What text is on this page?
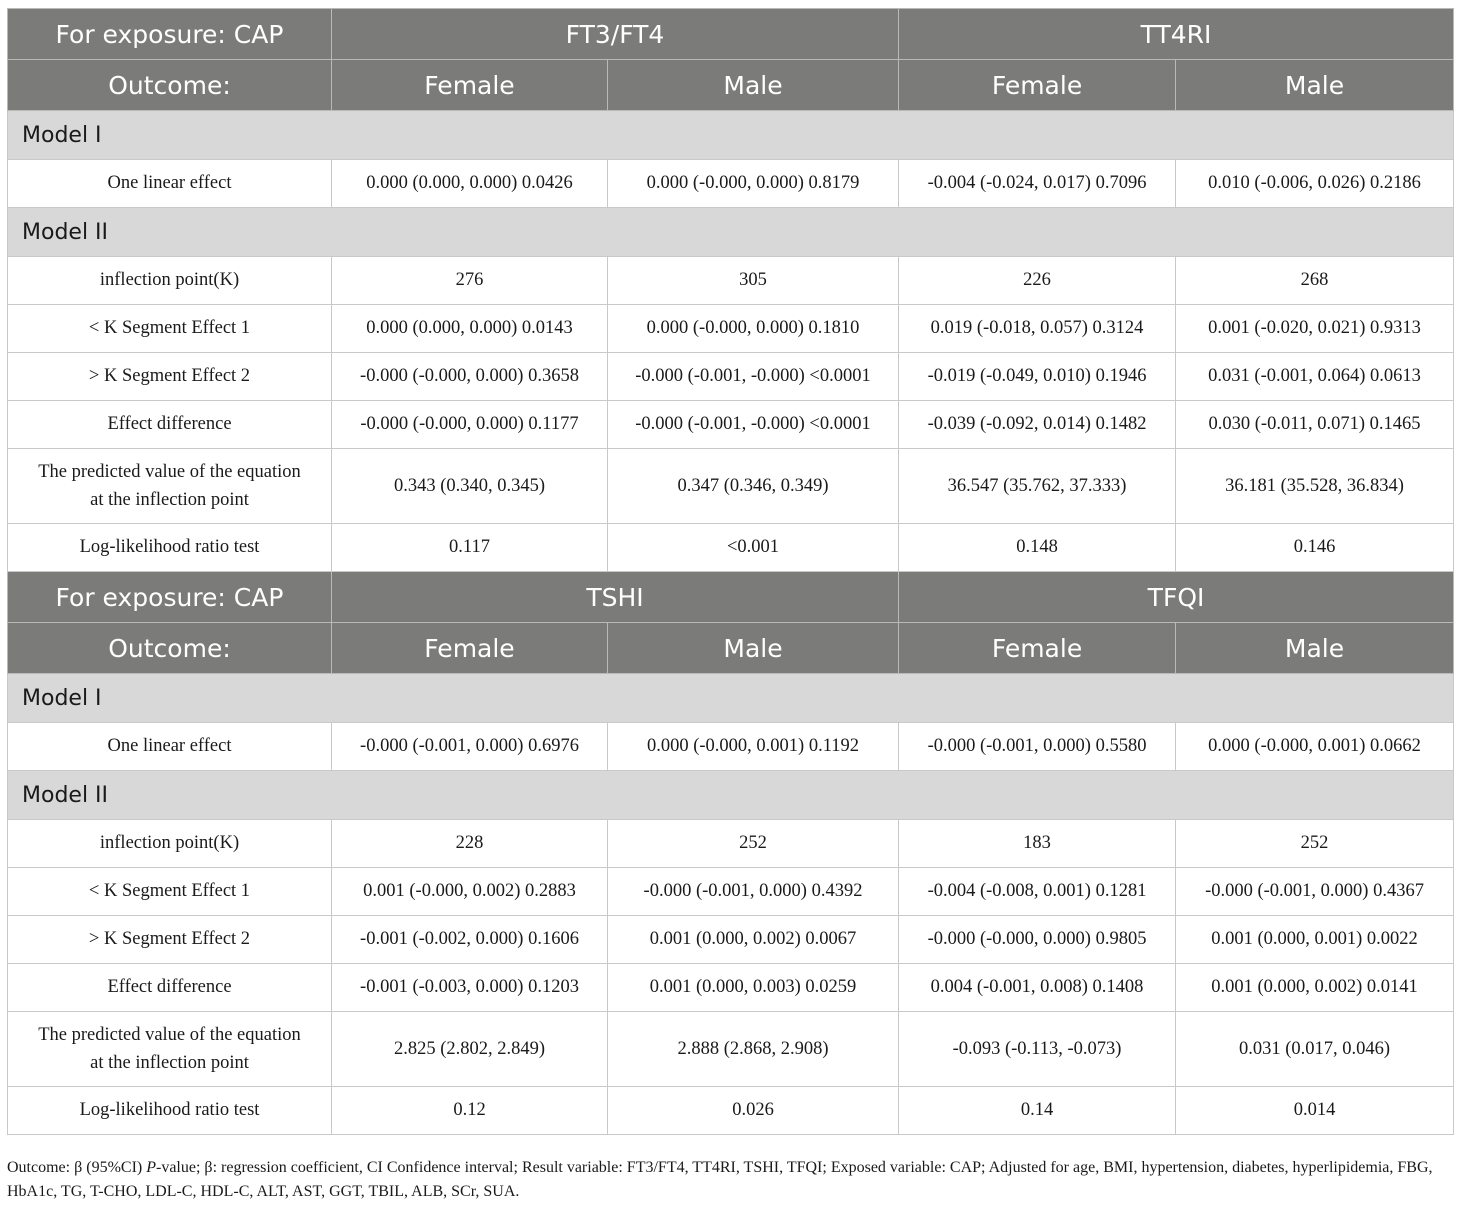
For exposure: CAP	FT3/FT4		TT4RI	
Outcome:	Female	Male	Female	Male
Model I				
One linear effect	0.000 (0.000, 0.000) 0.0426	0.000 (-0.000, 0.000) 0.8179	-0.004 (-0.024, 0.017) 0.7096	0.010 (-0.006, 0.026) 0.2186
Model II				
inflection point(K)	276	305	226	268
< K Segment Effect 1	0.000 (0.000, 0.000) 0.0143	0.000 (-0.000, 0.000) 0.1810	0.019 (-0.018, 0.057) 0.3124	0.001 (-0.020, 0.021) 0.9313
> K Segment Effect 2	-0.000 (-0.000, 0.000) 0.3658	-0.000 (-0.001, -0.000) <0.0001	-0.019 (-0.049, 0.010) 0.1946	0.031 (-0.001, 0.064) 0.0613
Effect difference	-0.000 (-0.000, 0.000) 0.1177	-0.000 (-0.001, -0.000) <0.0001	-0.039 (-0.092, 0.014) 0.1482	0.030 (-0.011, 0.071) 0.1465
The predicted value of the equation
at the inflection point	0.343 (0.340, 0.345)	0.347 (0.346, 0.349)	36.547 (35.762, 37.333)	36.181 (35.528, 36.834)
Log-likelihood ratio test	0.117	<0.001	0.148	0.146
For exposure: CAP	TSHI		TFQI	
Outcome:	Female	Male	Female	Male
Model I				
One linear effect	-0.000 (-0.001, 0.000) 0.6976	0.000 (-0.000, 0.001) 0.1192	-0.000 (-0.001, 0.000) 0.5580	0.000 (-0.000, 0.001) 0.0662
Model II				
inflection point(K)	228	252	183	252
< K Segment Effect 1	0.001 (-0.000, 0.002) 0.2883	-0.000 (-0.001, 0.000) 0.4392	-0.004 (-0.008, 0.001) 0.1281	-0.000 (-0.001, 0.000) 0.4367
> K Segment Effect 2	-0.001 (-0.002, 0.000) 0.1606	0.001 (0.000, 0.002) 0.0067	-0.000 (-0.000, 0.000) 0.9805	0.001 (0.000, 0.001) 0.0022
Effect difference	-0.001 (-0.003, 0.000) 0.1203	0.001 (0.000, 0.003) 0.0259	0.004 (-0.001, 0.008) 0.1408	0.001 (0.000, 0.002) 0.0141
The predicted value of the equation
at the inflection point	2.825 (2.802, 2.849)	2.888 (2.868, 2.908)	-0.093 (-0.113, -0.073)	0.031 (0.017, 0.046)
Log-likelihood ratio test	0.12	0.026	0.14	0.014
Outcome: β (95%CI) P-value; β: regression coefficient, CI Confidence interval; Result variable: FT3/FT4, TT4RI, TSHI, TFQI; Exposed variable: CAP; Adjusted for age, BMI, hypertension, diabetes, hyperlipidemia, FBG, HbA1c, TG, T-CHO, LDL-C, HDL-C, ALT, AST, GGT, TBIL, ALB, SCr, SUA.
